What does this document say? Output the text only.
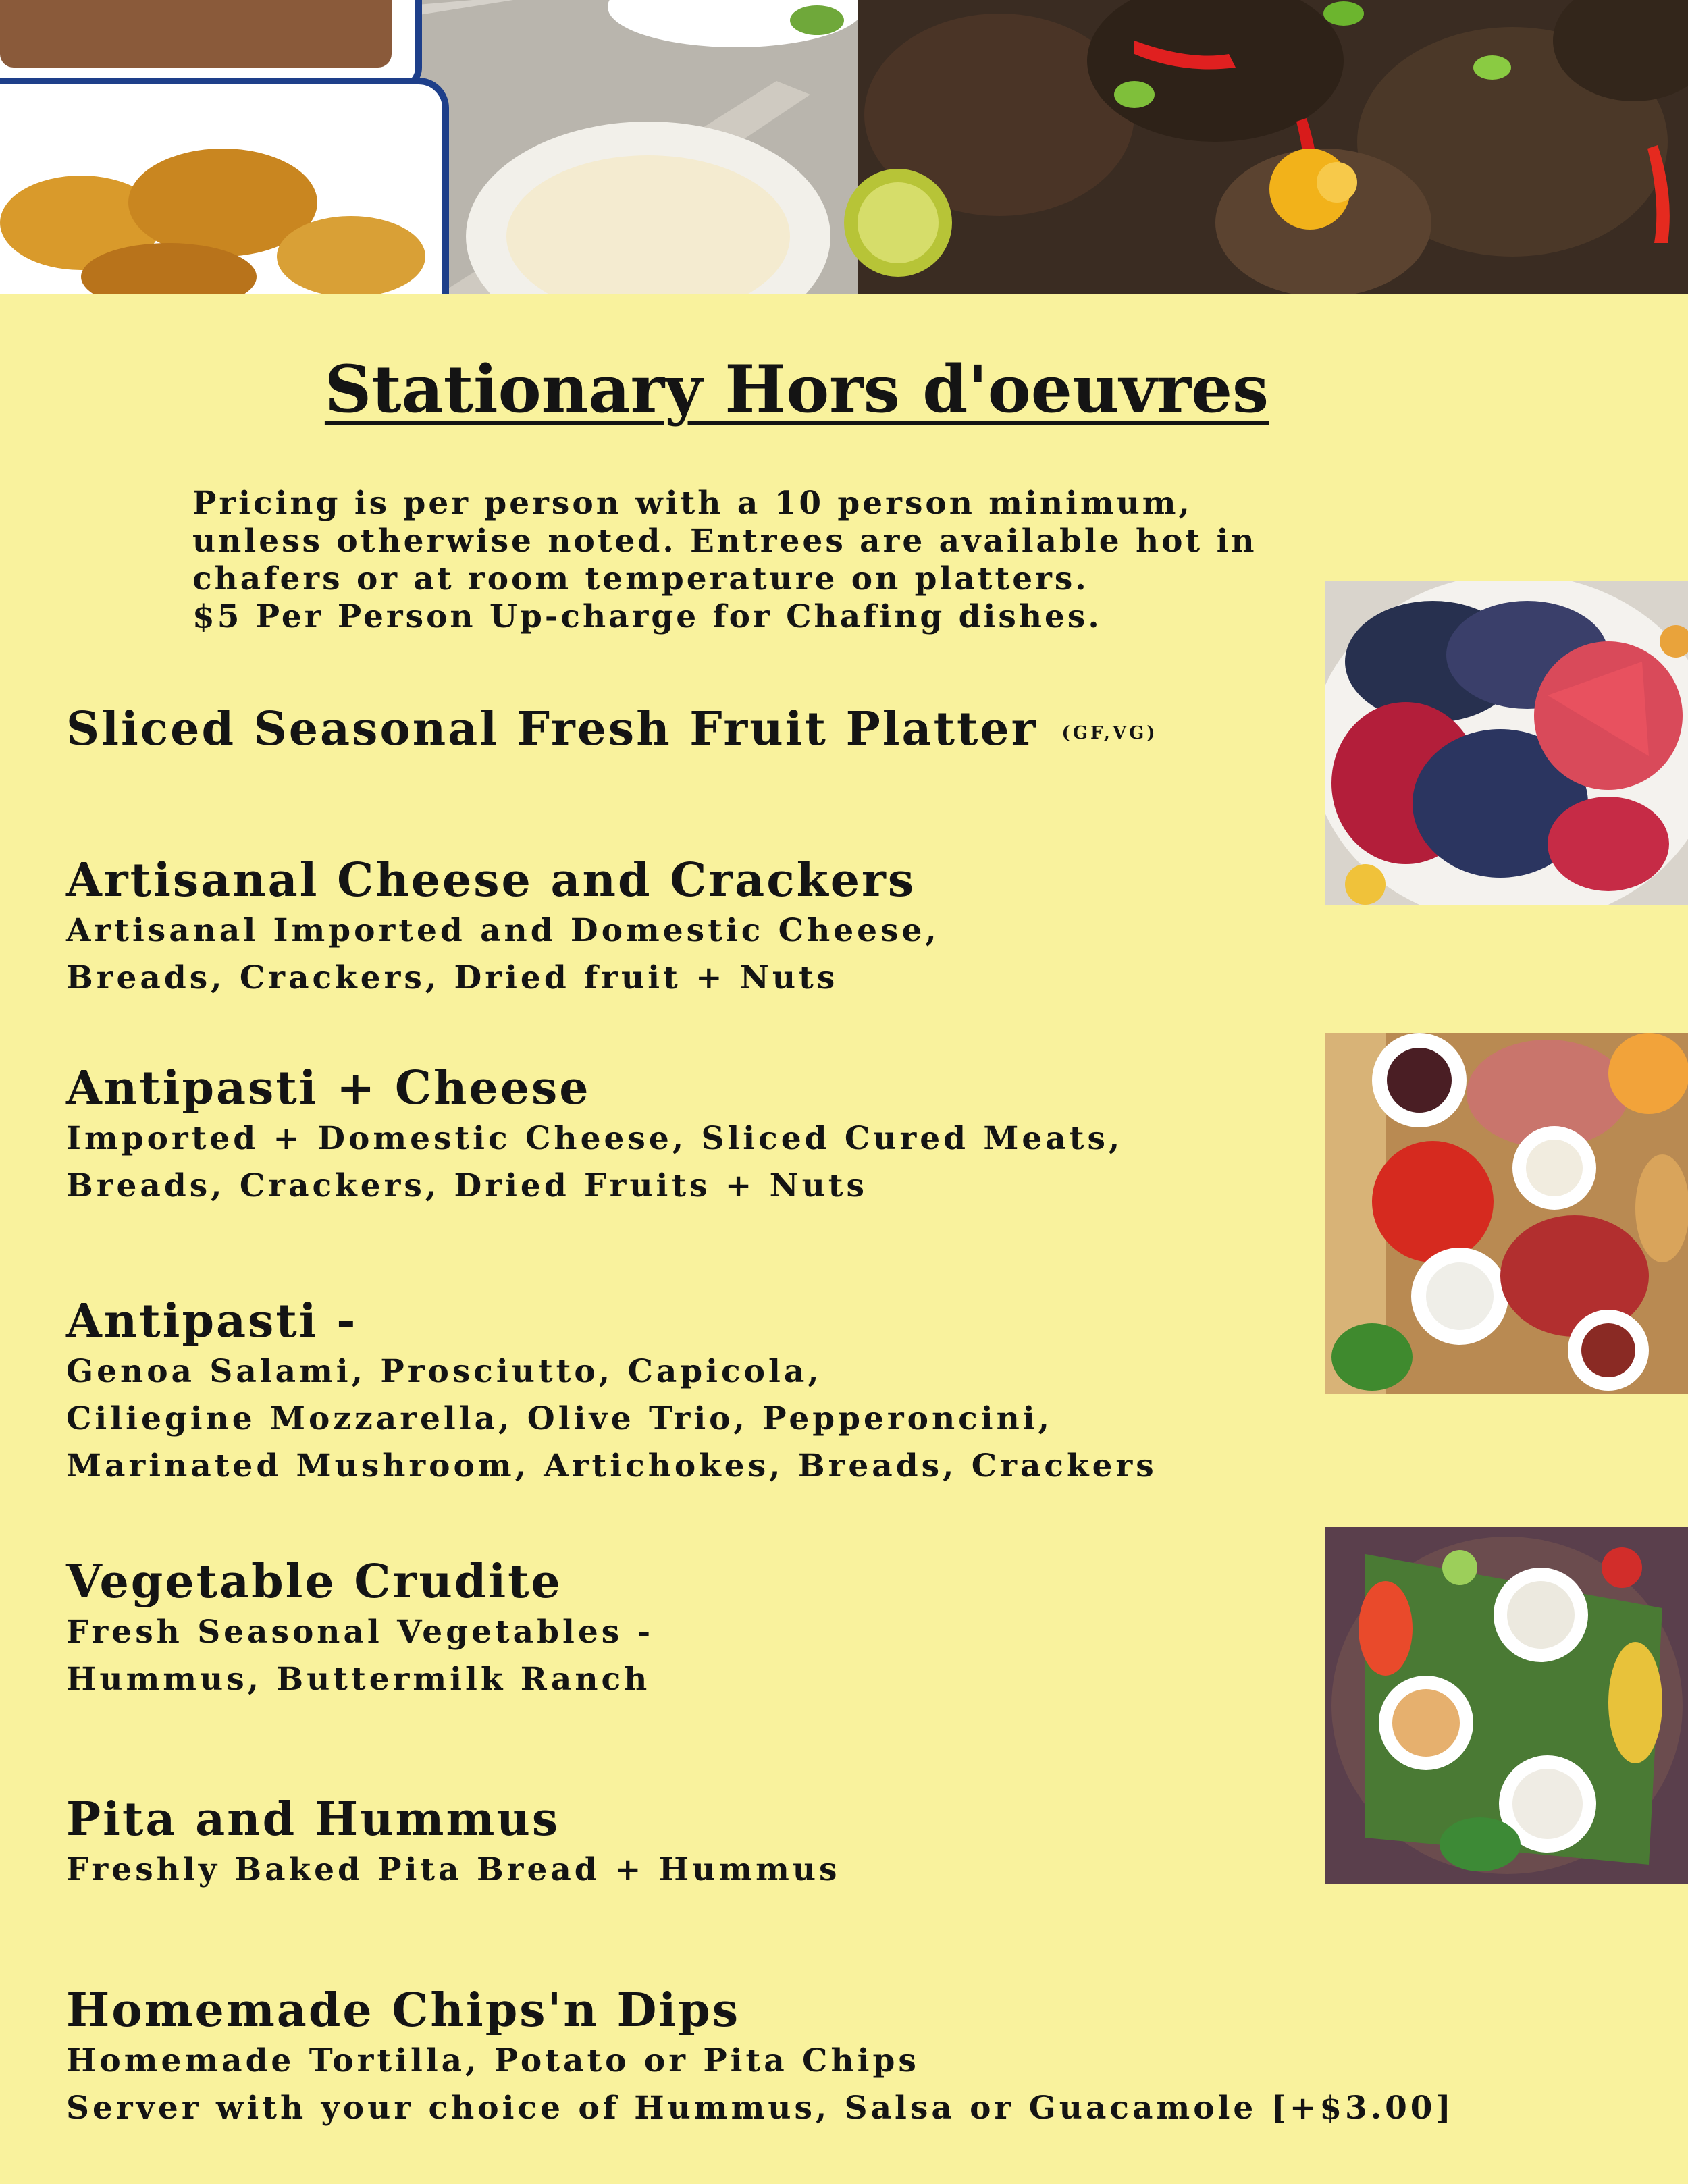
Stationary Hors d'oeuvres
Pricing is per person with a 10 person minimum,
unless otherwise noted. Entrees are available hot in
chafers or at room temperature on platters.
$5 Per Person Up-charge for Chafing dishes.
Sliced Seasonal Fresh Fruit Platter (GF,VG)
Artisanal Cheese and Crackers
Artisanal Imported and Domestic Cheese,
Breads, Crackers, Dried fruit + Nuts
Antipasti + Cheese
Imported + Domestic Cheese, Sliced Cured Meats,
Breads, Crackers, Dried Fruits + Nuts
Antipasti -
Genoa Salami, Prosciutto, Capicola,
Ciliegine Mozzarella, Olive Trio, Pepperoncini,
Marinated Mushroom, Artichokes, Breads, Crackers
Vegetable Crudite
Fresh Seasonal Vegetables -
Hummus, Buttermilk Ranch
Pita and Hummus
Freshly Baked Pita Bread + Hummus
Homemade Chips'n Dips
Homemade Tortilla, Potato or Pita Chips
Server with your choice of Hummus, Salsa or Guacamole [+$3.00]
